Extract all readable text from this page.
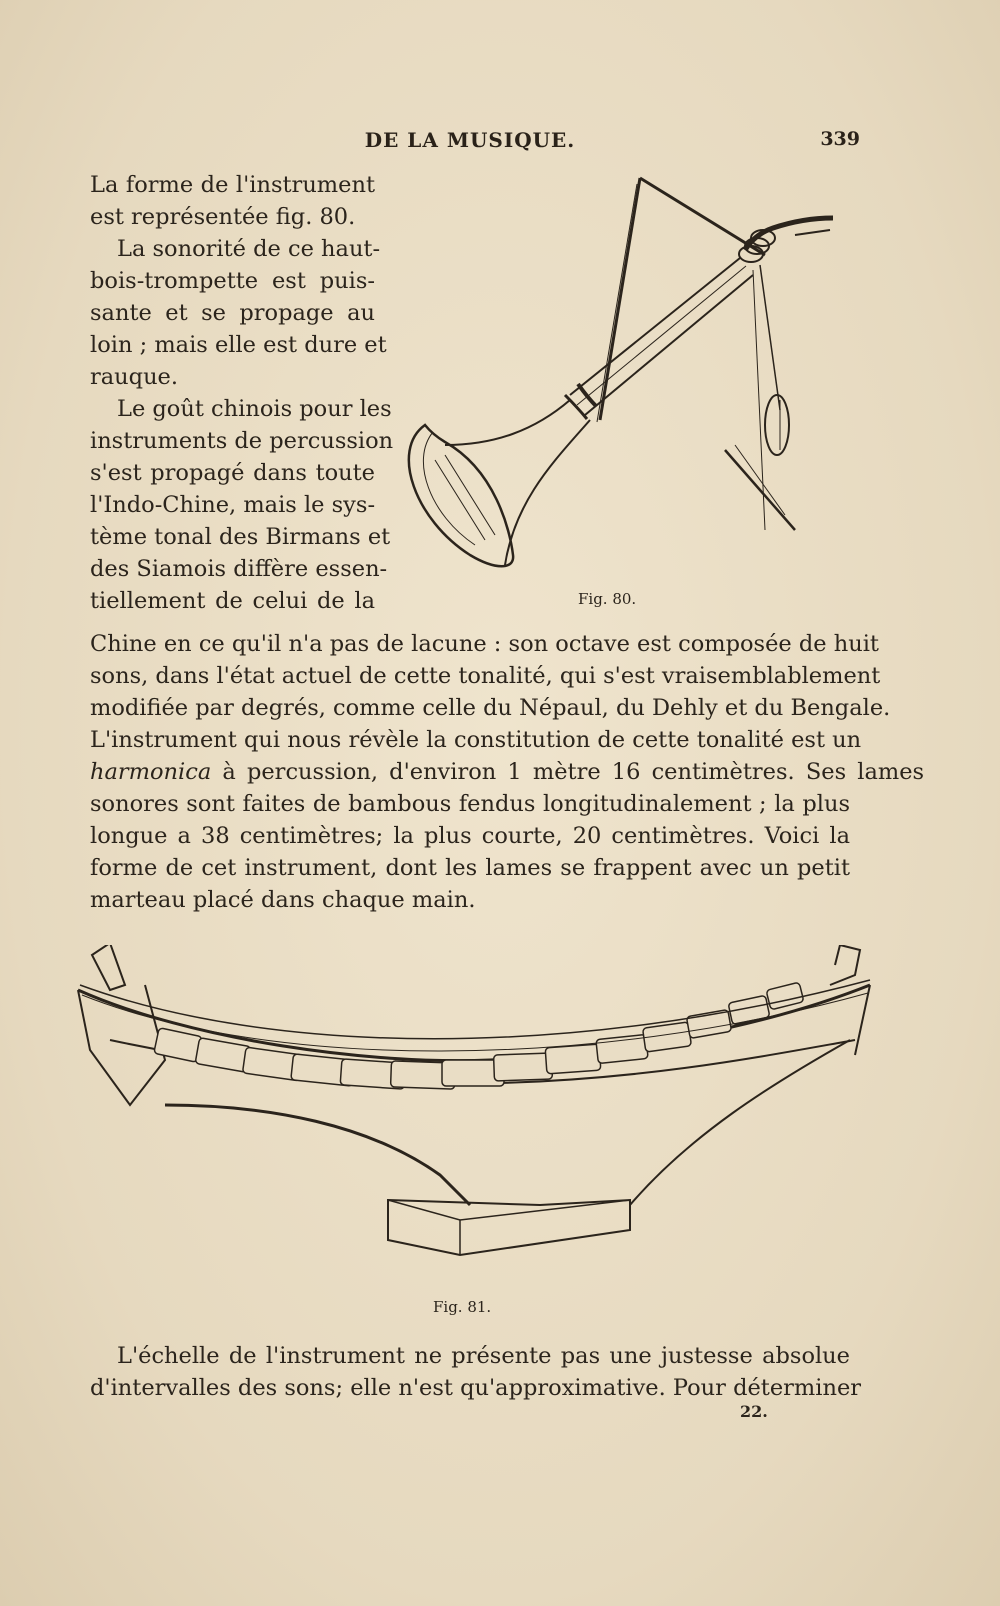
DE LA MUSIQUE.	339
La forme de l'instrument
est représentée fig. 80.
La sonorité de ce haut-
bois-trompette est puis-
sante et se propage au
loin ; mais elle est dure et
rauque.
Le goût chinois pour les
instruments de percussion
s'est propagé dans toute
l'Indo-Chine, mais le sys-
tème tonal des Birmans et
des Siamois diffère essen-
tiellement de celui de la	Fig. 80.
Chine en ce qu'il n'a pas de lacune : son octave est composée de huit
sons, dans l'état actuel de cette tonalité, qui s'est vraisemblablement
modifiée par degrés, comme celle du Népaul, du Dehly et du Bengale.
L'instrument qui nous révèle la constitution de cette tonalité est un
harmonica à percussion, d'environ 1 mètre 16 centimètres. Ses lames
sonores sont faites de bambous fendus longitudinalement ; la plus
longue a 38 centimètres; la plus courte, 20 centimètres. Voici la
forme de cet instrument, dont les lames se frappent avec un petit
marteau placé dans chaque main.
Fig. 81.
L'échelle de l'instrument ne présente pas une justesse absolue
d'intervalles des sons; elle n'est qu'approximative. Pour déterminer
22.
